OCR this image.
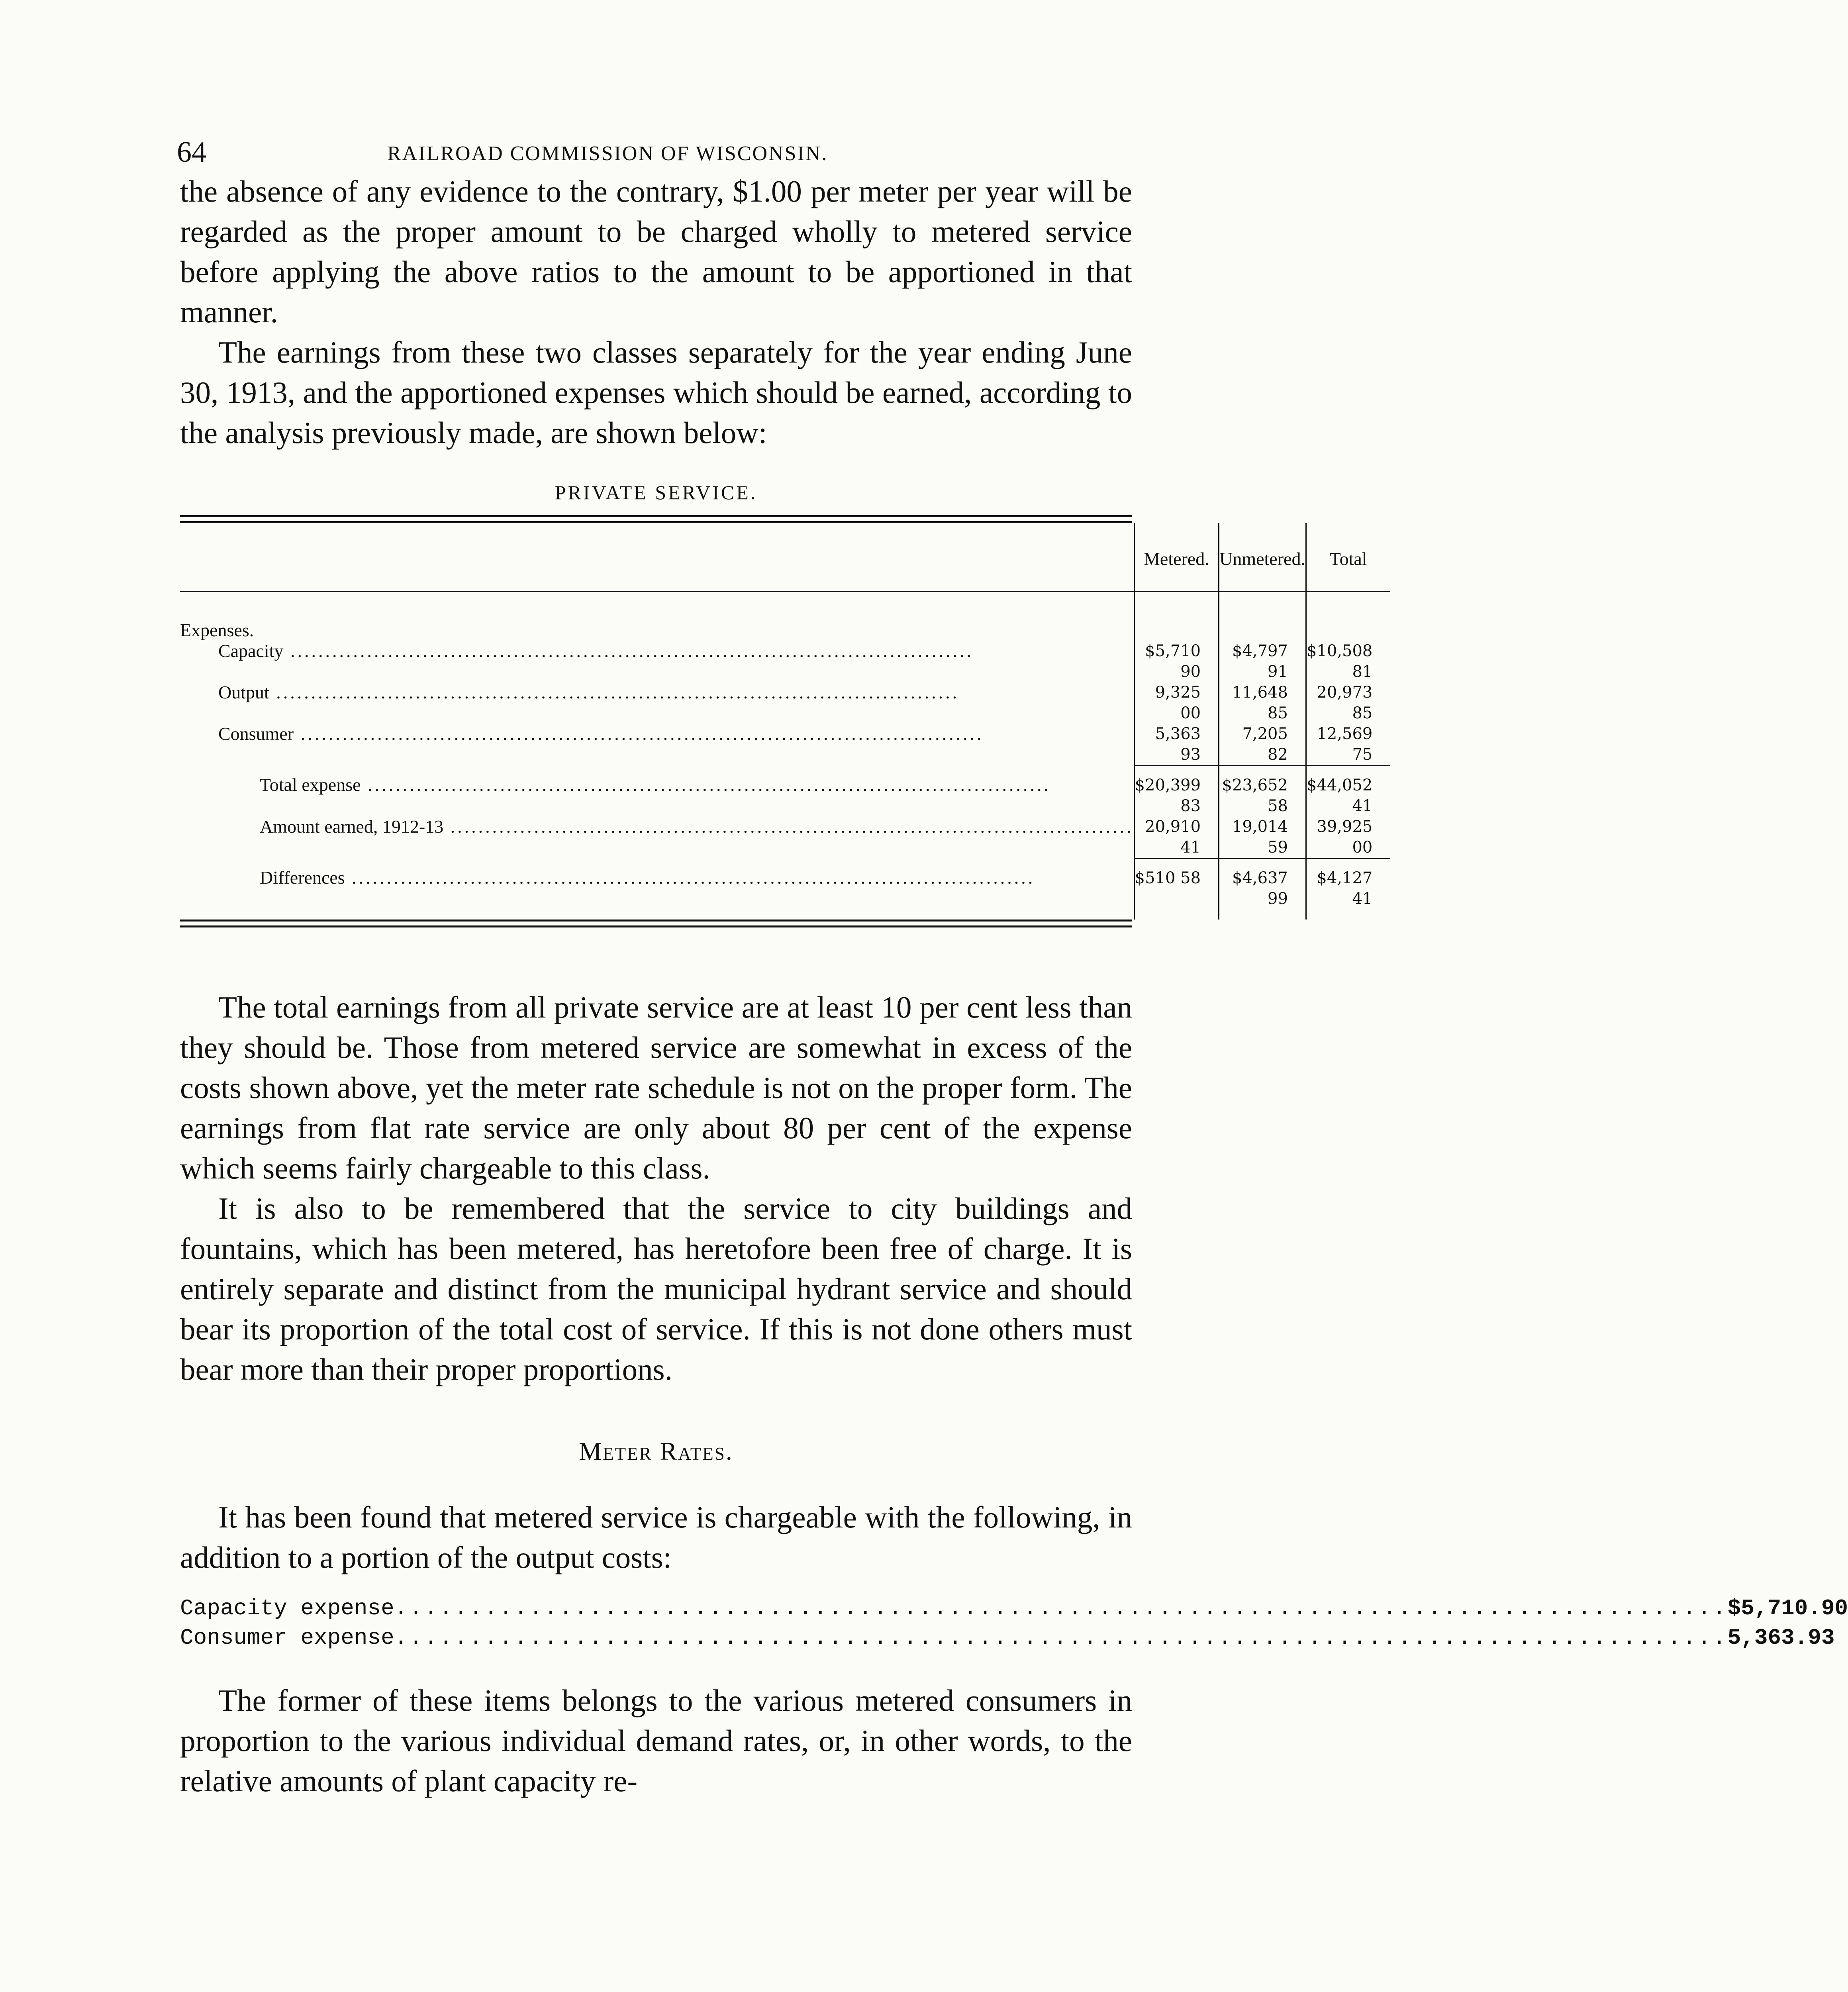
64	RAILROAD COMMISSION OF WISCONSIN.

the absence of any evidence to the contrary, $1.00 per meter per year will be regarded as the proper amount to be charged wholly to metered service before applying the above ratios to the amount to be apportioned in that manner.

The earnings from these two classes separately for the year ending June 30, 1913, and the apportioned expenses which should be earned, according to the analysis previously made, are shown below:

PRIVATE SERVICE.
	Metered.	Unmetered.	Total

Expenses.			

Capacity .....	$5,710 90	$4,797 91	$10,508 81

Output .....	9,325 00	11,648 85	20,973 85

Consumer .....	5,363 93	7,205 82	12,569 75

Total expense .....	$20,399 83	$23,652 58	$44,052 41

Amount earned, 1912-13 .....	20,910 41	19,014 59	39,925 00

Differences .....	$510 58	$4,637 99	$4,127 41

The total earnings from all private service are at least 10 per cent less than they should be. Those from metered service are somewhat in excess of the costs shown above, yet the meter rate schedule is not on the proper form. The earnings from flat rate service are only about 80 per cent of the expense which seems fairly chargeable to this class.

It is also to be remembered that the service to city buildings and fountains, which has been metered, has heretofore been free of charge. It is entirely separate and distinct from the municipal hydrant service and should bear its proportion of the total cost of service. If this is not done others must bear more than their proper proportions.

Meter Rates.

It has been found that metered service is chargeable with the following, in addition to a portion of the output costs:

Capacity expense .....	$5,710.90
Consumer expense .....	5,363.93

The former of these items belongs to the various metered consumers in proportion to the various individual demand rates, or, in other words, to the relative amounts of plant capacity re-
